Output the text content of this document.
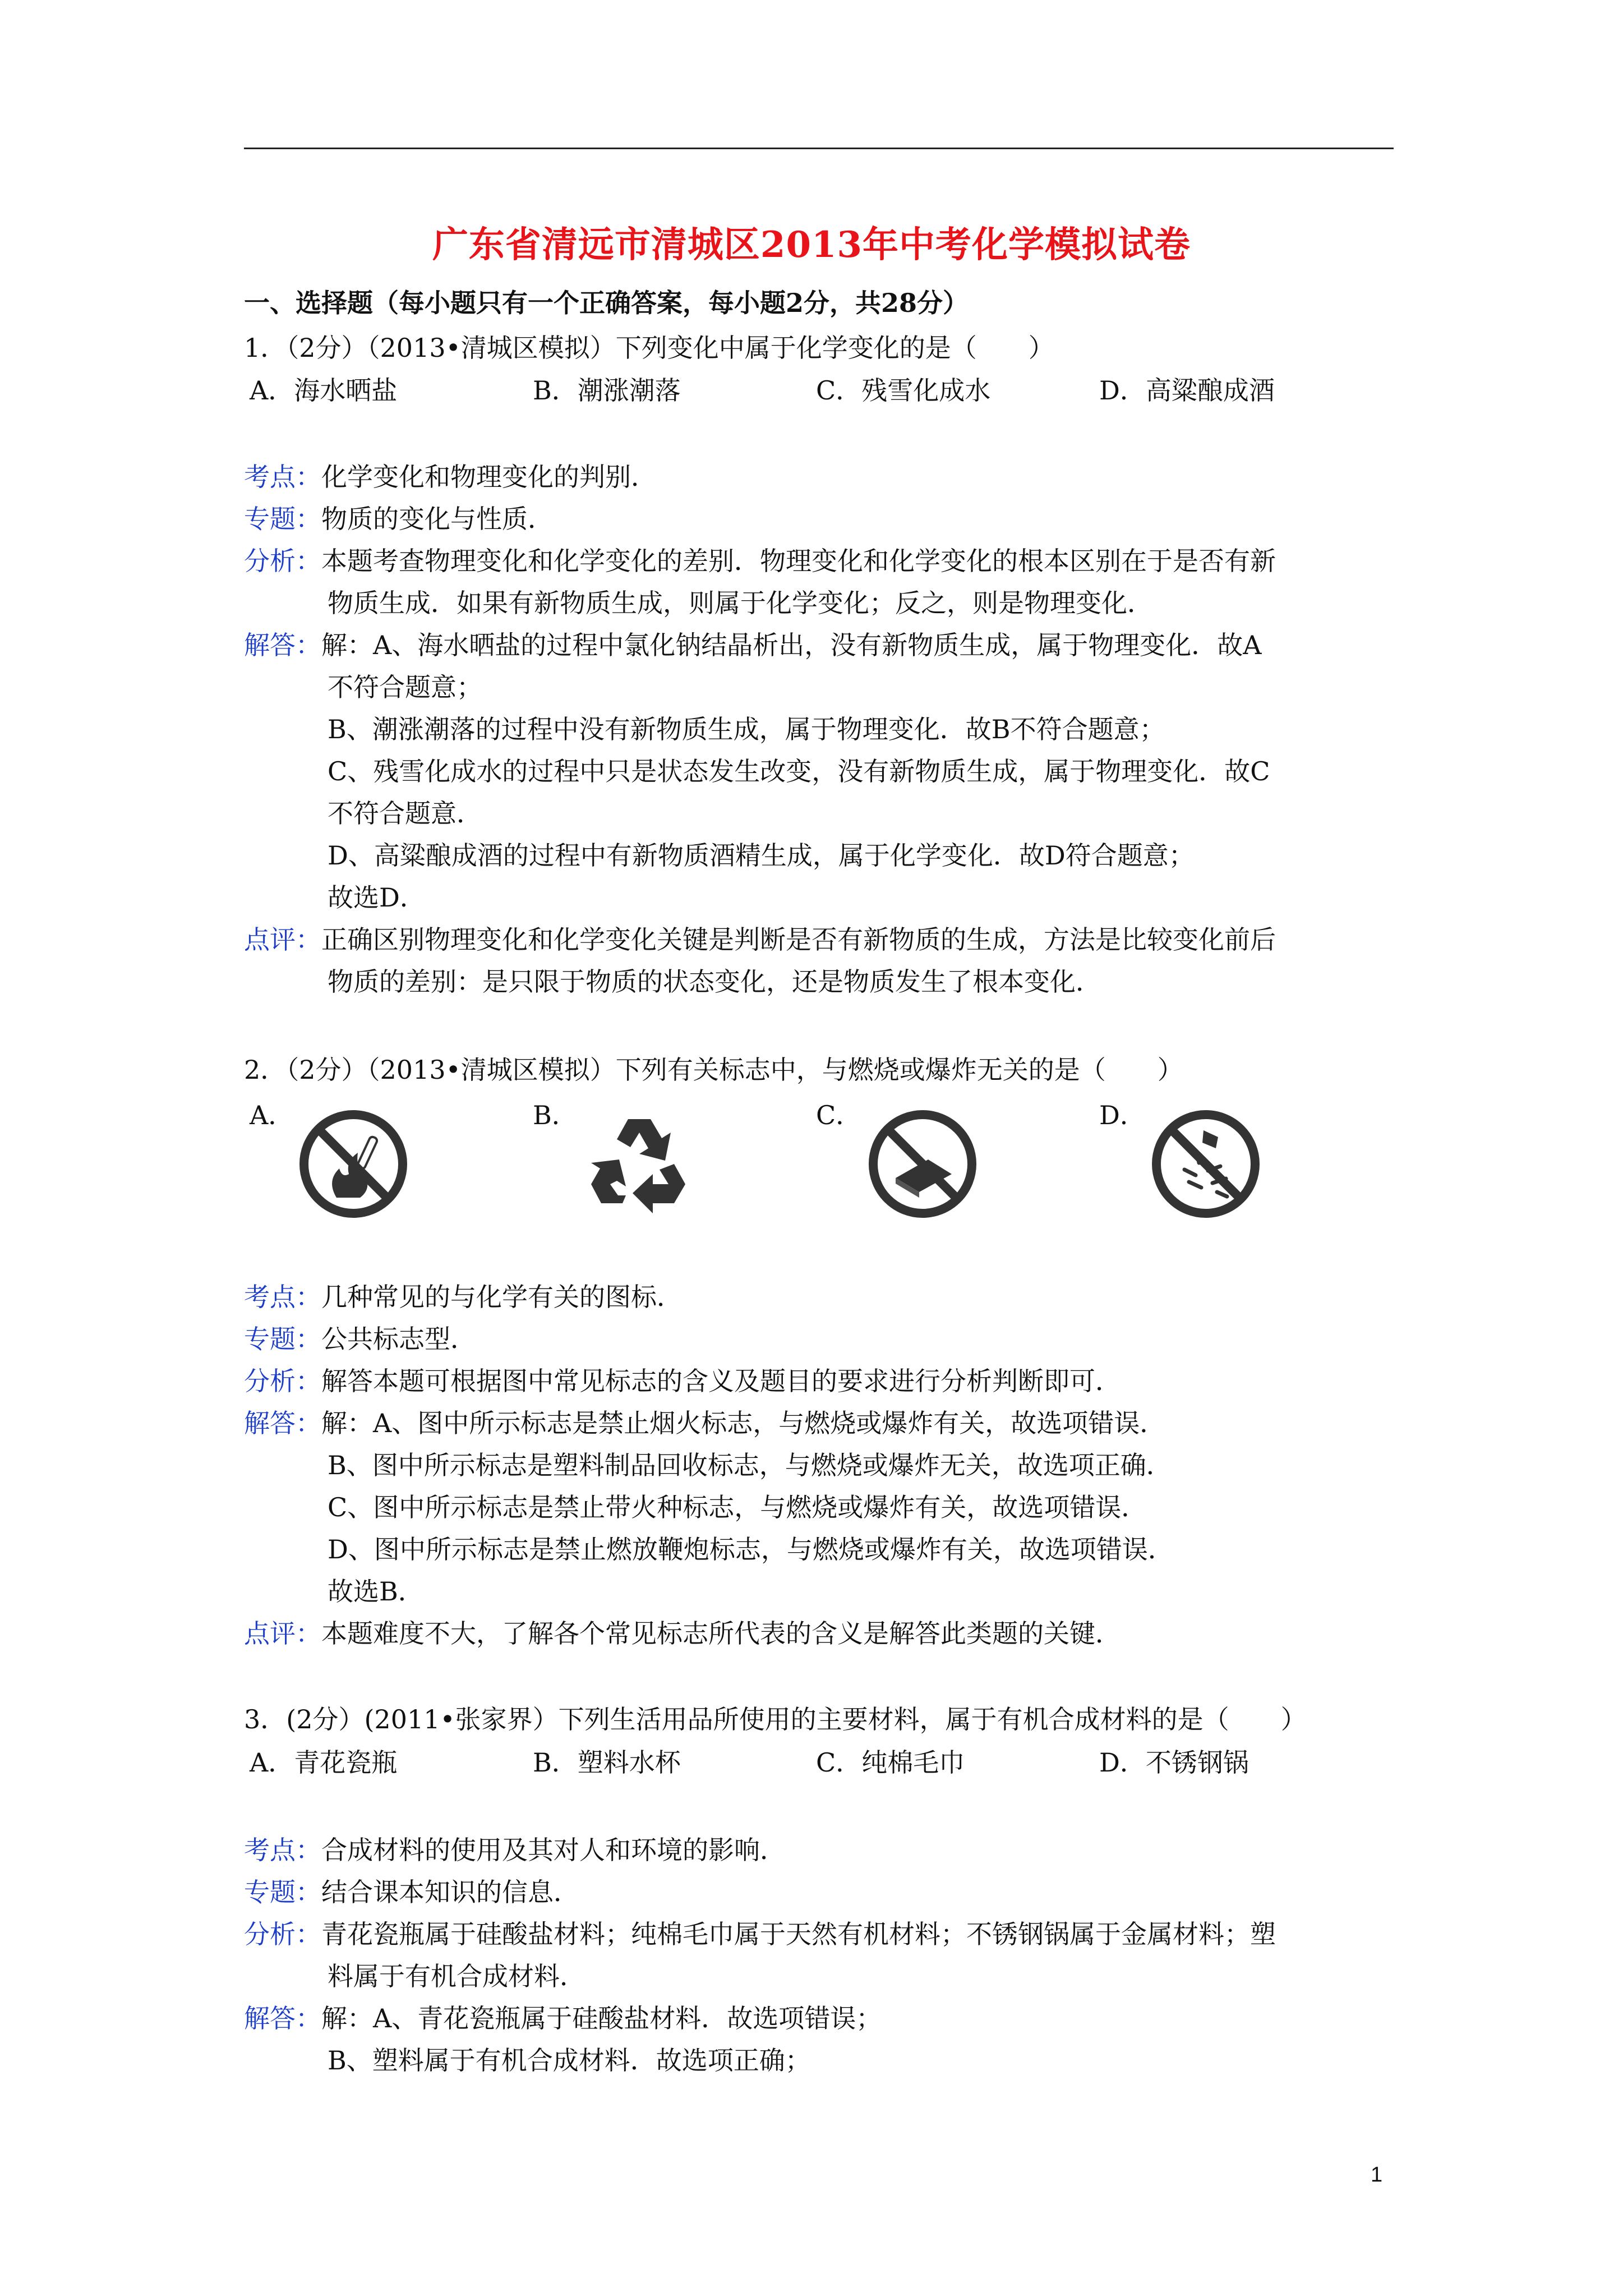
广东省清远市清城区2013年中考化学模拟试卷
一、选择题（每小题只有一个正确答案，每小题2分，共28分）
1．（2分）（2013•清城区模拟）下列变化中属于化学变化的是（　　）
A．海水晒盐	B．潮涨潮落	C．残雪化成水	D．高粱酿成酒
考点：化学变化和物理变化的判别．
专题：物质的变化与性质．
分析：本题考查物理变化和化学变化的差别．物理变化和化学变化的根本区别在于是否有新
物质生成．如果有新物质生成，则属于化学变化；反之，则是物理变化．
解答：解：A、海水晒盐的过程中氯化钠结晶析出，没有新物质生成，属于物理变化．故A
不符合题意；
B、潮涨潮落的过程中没有新物质生成，属于物理变化．故B不符合题意；
C、残雪化成水的过程中只是状态发生改变，没有新物质生成，属于物理变化．故C
不符合题意．
D、高粱酿成酒的过程中有新物质酒精生成，属于化学变化．故D符合题意；
故选D．
点评：正确区别物理变化和化学变化关键是判断是否有新物质的生成，方法是比较变化前后
物质的差别：是只限于物质的状态变化，还是物质发生了根本变化．
2．（2分）（2013•清城区模拟）下列有关标志中，与燃烧或爆炸无关的是（　　）
A．	B．	C．	D．
考点：几种常见的与化学有关的图标．
专题：公共标志型．
分析：解答本题可根据图中常见标志的含义及题目的要求进行分析判断即可．
解答：解：A、图中所示标志是禁止烟火标志，与燃烧或爆炸有关，故选项错误．
B、图中所示标志是塑料制品回收标志，与燃烧或爆炸无关，故选项正确．
C、图中所示标志是禁止带火种标志，与燃烧或爆炸有关，故选项错误．
D、图中所示标志是禁止燃放鞭炮标志，与燃烧或爆炸有关，故选项错误．
故选B．
点评：本题难度不大，了解各个常见标志所代表的含义是解答此类题的关键．
3．(2分）(2011•张家界）下列生活用品所使用的主要材料，属于有机合成材料的是（　　）
A．青花瓷瓶	B．塑料水杯	C．纯棉毛巾	D．不锈钢锅
考点：合成材料的使用及其对人和环境的影响．
专题：结合课本知识的信息．
分析：青花瓷瓶属于硅酸盐材料；纯棉毛巾属于天然有机材料；不锈钢锅属于金属材料；塑
料属于有机合成材料．
解答：解：A、青花瓷瓶属于硅酸盐材料．故选项错误；
B、塑料属于有机合成材料．故选项正确；
1
